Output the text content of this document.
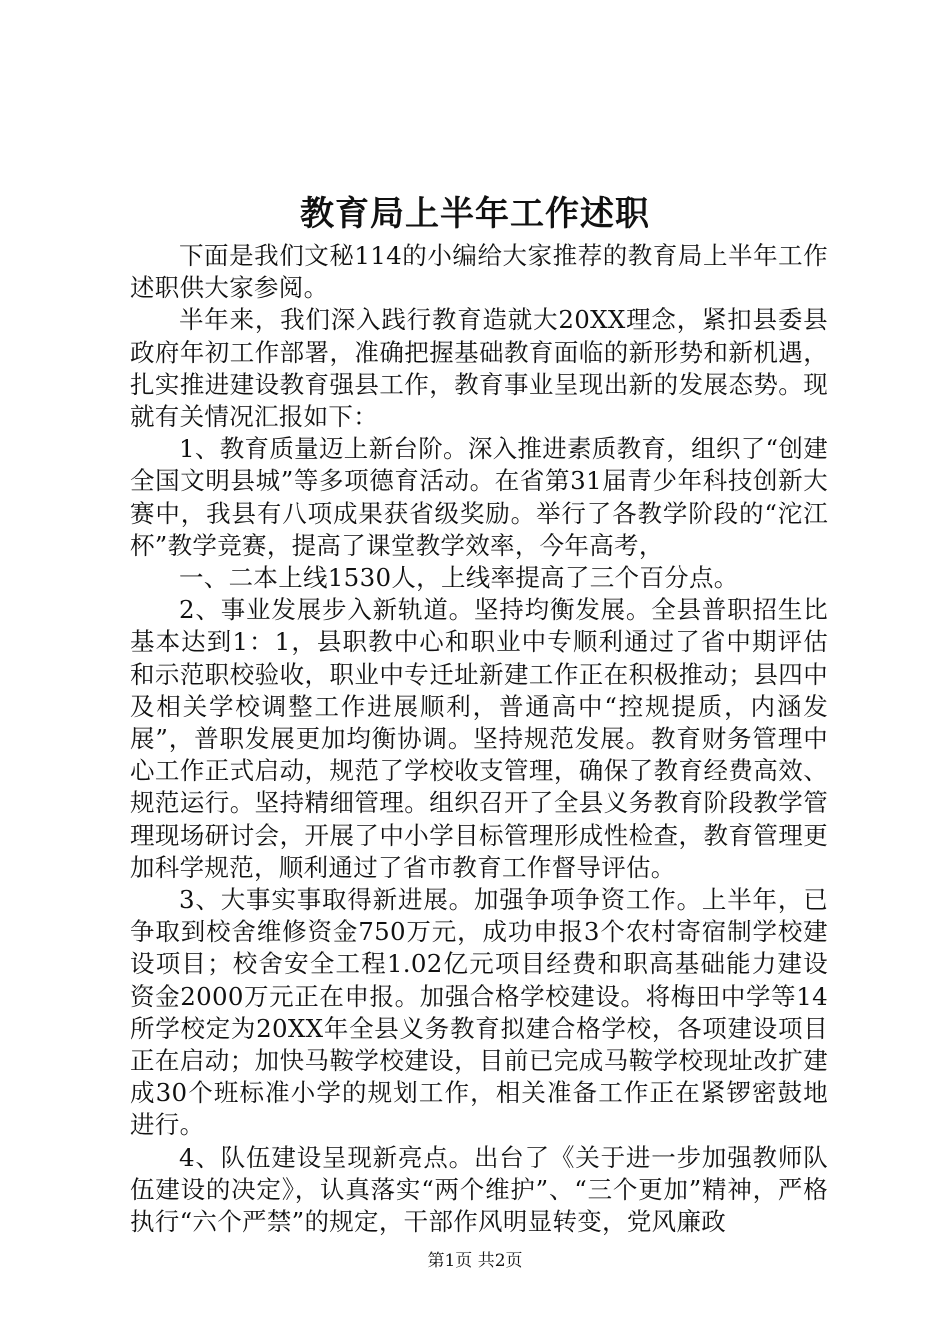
教育局上半年工作述职

下面是我们文秘114的小编给大家推荐的教育局上半年工作述职供大家参阅。

半年来，我们深入践行教育造就大20XX理念，紧扣县委县政府年初工作部署，准确把握基础教育面临的新形势和新机遇，扎实推进建设教育强县工作，教育事业呈现出新的发展态势。现就有关情况汇报如下：

1、教育质量迈上新台阶。深入推进素质教育，组织了“创建全国文明县城”等多项德育活动。在省第31届青少年科技创新大赛中，我县有八项成果获省级奖励。举行了各教学阶段的“沱江杯”教学竞赛，提高了课堂教学效率，今年高考，

一、二本上线1530人，上线率提高了三个百分点。

2、事业发展步入新轨道。坚持均衡发展。全县普职招生比基本达到1：1，县职教中心和职业中专顺利通过了省中期评估和示范职校验收，职业中专迁址新建工作正在积极推动；县四中及相关学校调整工作进展顺利，普通高中“控规提质，内涵发展”，普职发展更加均衡协调。坚持规范发展。教育财务管理中心工作正式启动，规范了学校收支管理，确保了教育经费高效、规范运行。坚持精细管理。组织召开了全县义务教育阶段教学管理现场研讨会，开展了中小学目标管理形成性检查，教育管理更加科学规范，顺利通过了省市教育工作督导评估。

3、大事实事取得新进展。加强争项争资工作。上半年，已争取到校舍维修资金750万元，成功申报3个农村寄宿制学校建设项目；校舍安全工程1.02亿元项目经费和职高基础能力建设资金2000万元正在申报。加强合格学校建设。将梅田中学等14所学校定为20XX年全县义务教育拟建合格学校，各项建设项目正在启动；加快马鞍学校建设，目前已完成马鞍学校现址改扩建成30个班标准小学的规划工作，相关准备工作正在紧锣密鼓地进行。

4、队伍建设呈现新亮点。出台了《关于进一步加强教师队伍建设的决定》，认真落实“两个维护”、“三个更加”精神，严格执行“六个严禁”的规定，干部作风明显转变，党风廉政

第1页 共2页
